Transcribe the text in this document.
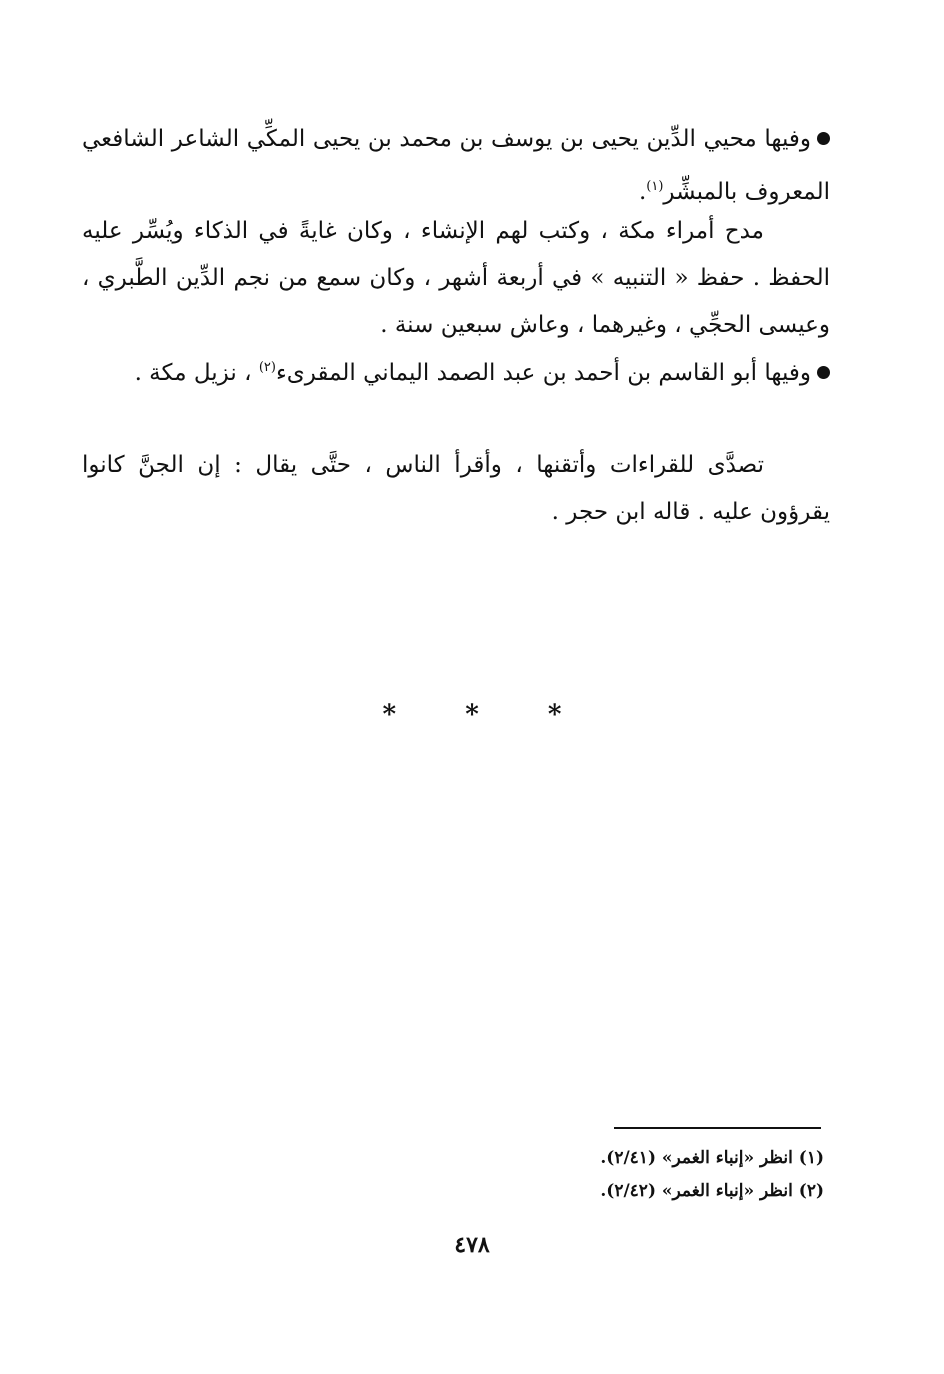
وفيها محيي الدِّين يحيى بن يوسف بن محمد بن يحيى المكِّي الشاعر الشافعي المعروف بالمبشِّر$^{(١)}$.

مدح أمراء مكة ، وكتب لهم الإنشاء ، وكان غايةً في الذكاء ويُسِّر عليه الحفظ . حفظ « التنبيه » في أربعة أشهر ، وكان سمع من نجم الدِّين الطَّبري ، وعيسى الحجِّي ، وغيرهما ، وعاش سبعين سنة .

وفيها أبو القاسم بن أحمد بن عبد الصمد اليماني المقرىء$^{(٢)}$ ، نزيل مكة .

تصدَّى للقراءات وأتقنها ، وأقرأ الناس ، حتَّى يقال : إن الجنَّ كانوا يقرؤون عليه . قاله ابن حجر .

*	*	*

(١) انظر «إنباء الغمر» (٢/٤١).

(٢) انظر «إنباء الغمر» (٢/٤٢).

٤٧٨
